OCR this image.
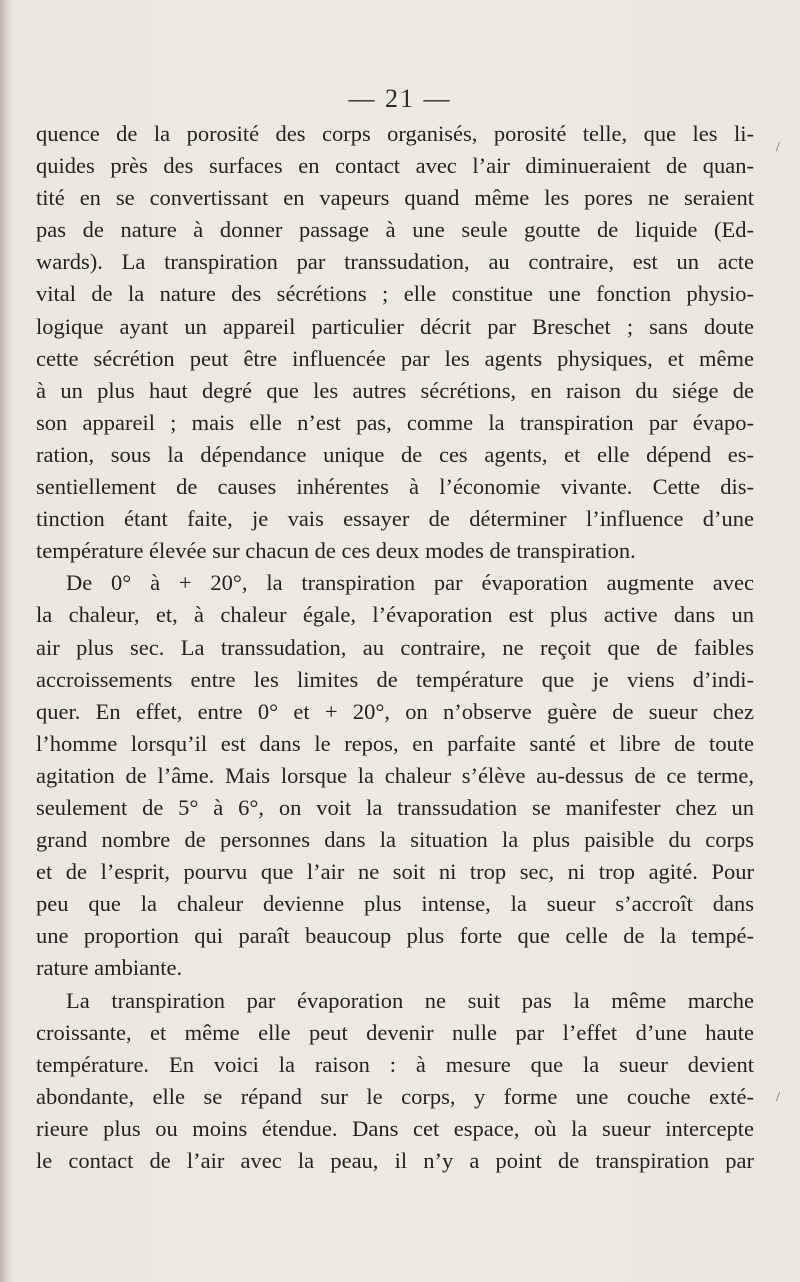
— 21 —
quence de la porosité des corps organisés, porosité telle, que les li-
quides près des surfaces en contact avec l’air diminueraient de quan-
tité en se convertissant en vapeurs quand même les pores ne seraient
pas de nature à donner passage à une seule goutte de liquide (Ed-
wards). La transpiration par transsudation, au contraire, est un acte
vital de la nature des sécrétions ; elle constitue une fonction physio-
logique ayant un appareil particulier décrit par Breschet ; sans doute
cette sécrétion peut être influencée par les agents physiques, et même
à un plus haut degré que les autres sécrétions, en raison du siége de
son appareil ; mais elle n’est pas, comme la transpiration par évapo-
ration, sous la dépendance unique de ces agents, et elle dépend es-
sentiellement de causes inhérentes à l’économie vivante. Cette dis-
tinction étant faite, je vais essayer de déterminer l’influence d’une
température élevée sur chacun de ces deux modes de transpiration.
De 0° à + 20°, la transpiration par évaporation augmente avec
la chaleur, et, à chaleur égale, l’évaporation est plus active dans un
air plus sec. La transsudation, au contraire, ne reçoit que de faibles
accroissements entre les limites de température que je viens d’indi-
quer. En effet, entre 0° et + 20°, on n’observe guère de sueur chez
l’homme lorsqu’il est dans le repos, en parfaite santé et libre de toute
agitation de l’âme. Mais lorsque la chaleur s’élève au-dessus de ce terme,
seulement de 5° à 6°, on voit la transsudation se manifester chez un
grand nombre de personnes dans la situation la plus paisible du corps
et de l’esprit, pourvu que l’air ne soit ni trop sec, ni trop agité. Pour
peu que la chaleur devienne plus intense, la sueur s’accroît dans
une proportion qui paraît beaucoup plus forte que celle de la tempé-
rature ambiante.
La transpiration par évaporation ne suit pas la même marche
croissante, et même elle peut devenir nulle par l’effet d’une haute
température. En voici la raison : à mesure que la sueur devient
abondante, elle se répand sur le corps, y forme une couche exté-
rieure plus ou moins étendue. Dans cet espace, où la sueur intercepte
le contact de l’air avec la peau, il n’y a point de transpiration par
/
/
